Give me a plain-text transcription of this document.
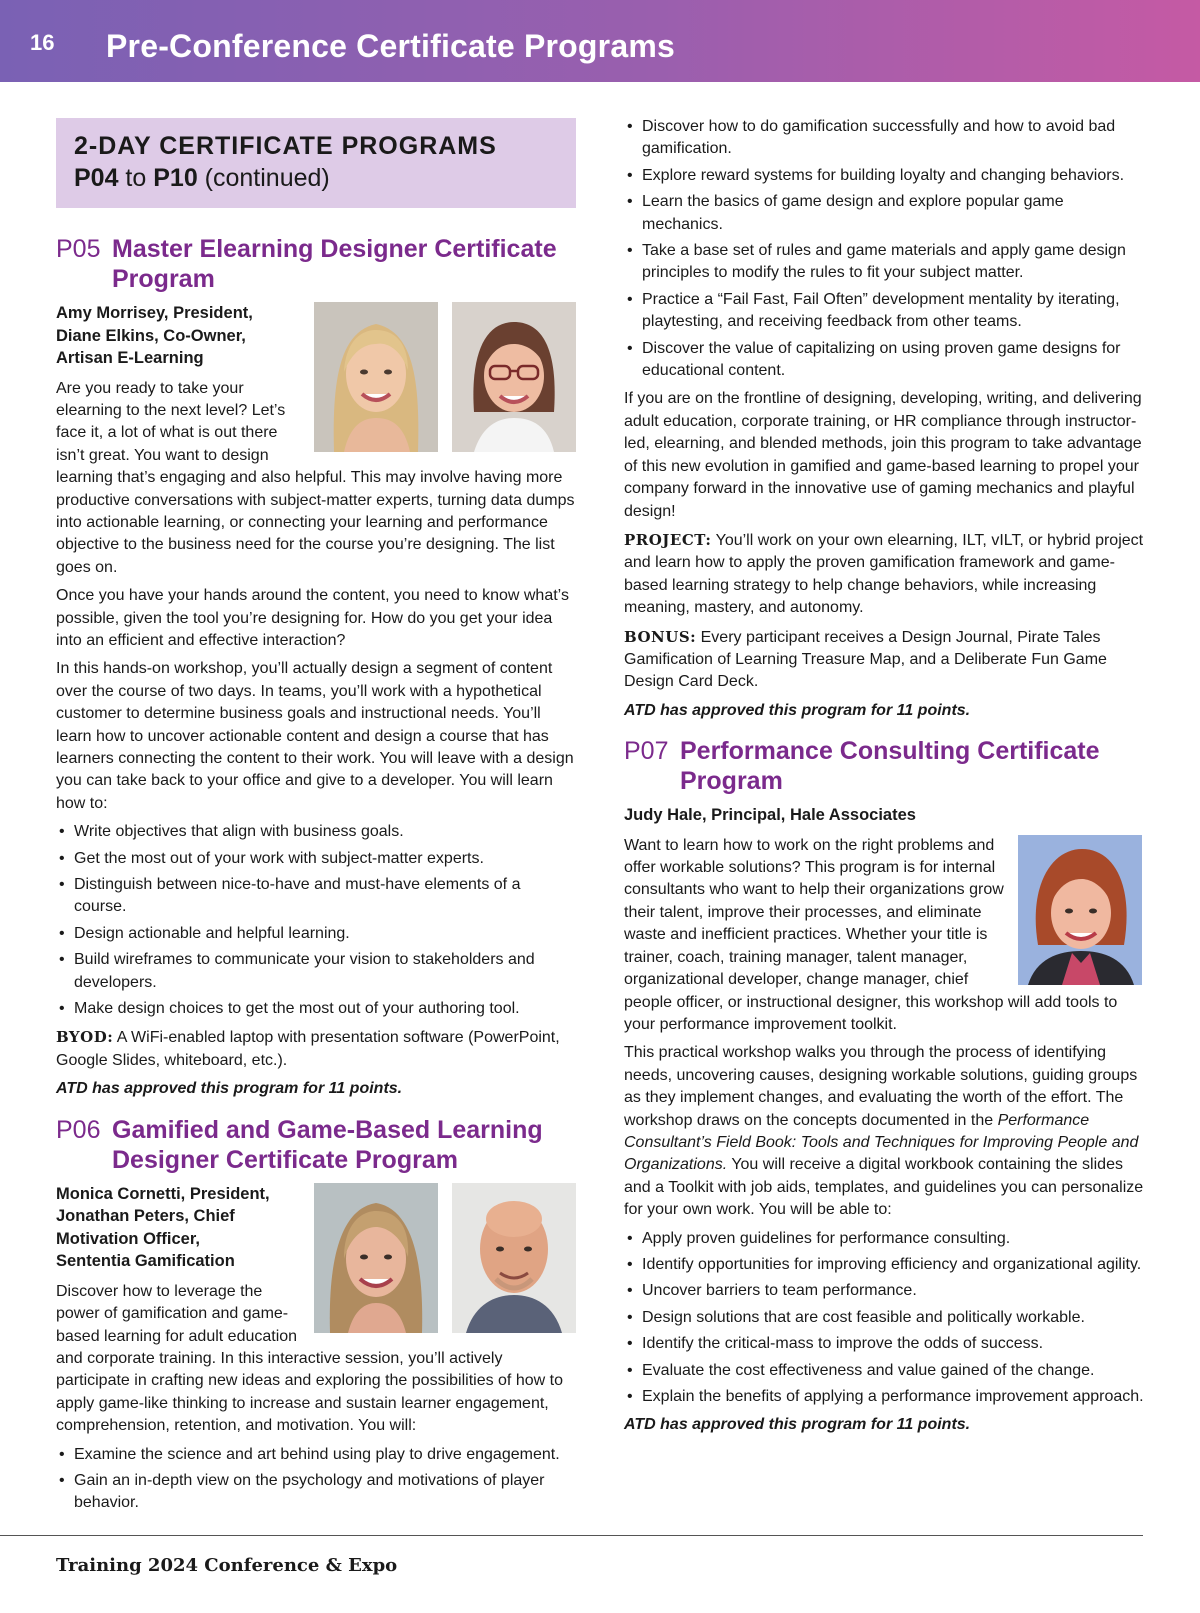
16 Pre-Conference Certificate Programs
2-DAY CERTIFICATE PROGRAMS
P04 to P10 (continued)
P05 Master Elearning Designer Certificate Program
Amy Morrisey, President,
Diane Elkins, Co-Owner,
Artisan E-Learning

Are you ready to take your elearning to the next level? Let’s face it, a lot of what is out there isn’t great. You want to design learning that’s engaging and also helpful. This may involve having more productive conversations with subject-matter experts, turning data dumps into actionable learning, or connecting your learning and performance objective to the business need for the course you’re designing. The list goes on.

Once you have your hands around the content, you need to know what’s possible, given the tool you’re designing for. How do you get your idea into an efficient and effective interaction?

In this hands-on workshop, you’ll actually design a segment of content over the course of two days. In teams, you’ll work with a hypothetical customer to determine business goals and instructional needs. You’ll learn how to uncover actionable content and design a course that has learners connecting the content to their work. You will leave with a design you can take back to your office and give to a developer. You will learn how to:

• Write objectives that align with business goals.
• Get the most out of your work with subject-matter experts.
• Distinguish between nice-to-have and must-have elements of a course.
• Design actionable and helpful learning.
• Build wireframes to communicate your vision to stakeholders and developers.
• Make design choices to get the most out of your authoring tool.

BYOD: A WiFi-enabled laptop with presentation software (PowerPoint, Google Slides, whiteboard, etc.).

ATD has approved this program for 11 points.

P06 Gamified and Game-Based Learning Designer Certificate Program
Monica Cornetti, President,
Jonathan Peters, Chief
Motivation Officer,
Sententia Gamification

Discover how to leverage the power of gamification and game-based learning for adult education and corporate training. In this interactive session, you’ll actively participate in crafting new ideas and exploring the possibilities of how to apply game-like thinking to increase and sustain learner engagement, comprehension, retention, and motivation. You will:

• Examine the science and art behind using play to drive engagement.
• Gain an in-depth view on the psychology and motivations of player behavior.
• Discover how to do gamification successfully and how to avoid bad gamification.
• Explore reward systems for building loyalty and changing behaviors.
• Learn the basics of game design and explore popular game mechanics.
• Take a base set of rules and game materials and apply game design principles to modify the rules to fit your subject matter.
• Practice a “Fail Fast, Fail Often” development mentality by iterating, playtesting, and receiving feedback from other teams.
• Discover the value of capitalizing on using proven game designs for educational content.

If you are on the frontline of designing, developing, writing, and delivering adult education, corporate training, or HR compliance through instructor-led, elearning, and blended methods, join this program to take advantage of this new evolution in gamified and game-based learning to propel your company forward in the innovative use of gaming mechanics and playful design!

PROJECT: You’ll work on your own elearning, ILT, vILT, or hybrid project and learn how to apply the proven gamification framework and game-based learning strategy to help change behaviors, while increasing meaning, mastery, and autonomy.

BONUS: Every participant receives a Design Journal, Pirate Tales Gamification of Learning Treasure Map, and a Deliberate Fun Game Design Card Deck.

ATD has approved this program for 11 points.

P07 Performance Consulting Certificate Program
Judy Hale, Principal, Hale Associates

Want to learn how to work on the right problems and offer workable solutions? This program is for internal consultants who want to help their organizations grow their talent, improve their processes, and eliminate waste and inefficient practices. Whether your title is trainer, coach, training manager, talent manager, organizational developer, change manager, chief people officer, or instructional designer, this workshop will add tools to your performance improvement toolkit.

This practical workshop walks you through the process of identifying needs, uncovering causes, designing workable solutions, guiding groups as they implement changes, and evaluating the worth of the effort. The workshop draws on the concepts documented in the Performance Consultant’s Field Book: Tools and Techniques for Improving People and Organizations. You will receive a digital workbook containing the slides and a Toolkit with job aids, templates, and guidelines you can personalize for your own work. You will be able to:

• Apply proven guidelines for performance consulting.
• Identify opportunities for improving efficiency and organizational agility.
• Uncover barriers to team performance.
• Design solutions that are cost feasible and politically workable.
• Identify the critical-mass to improve the odds of success.
• Evaluate the cost effectiveness and value gained of the change.
• Explain the benefits of applying a performance improvement approach.

ATD has approved this program for 11 points.

Training 2024 Conference & Expo
